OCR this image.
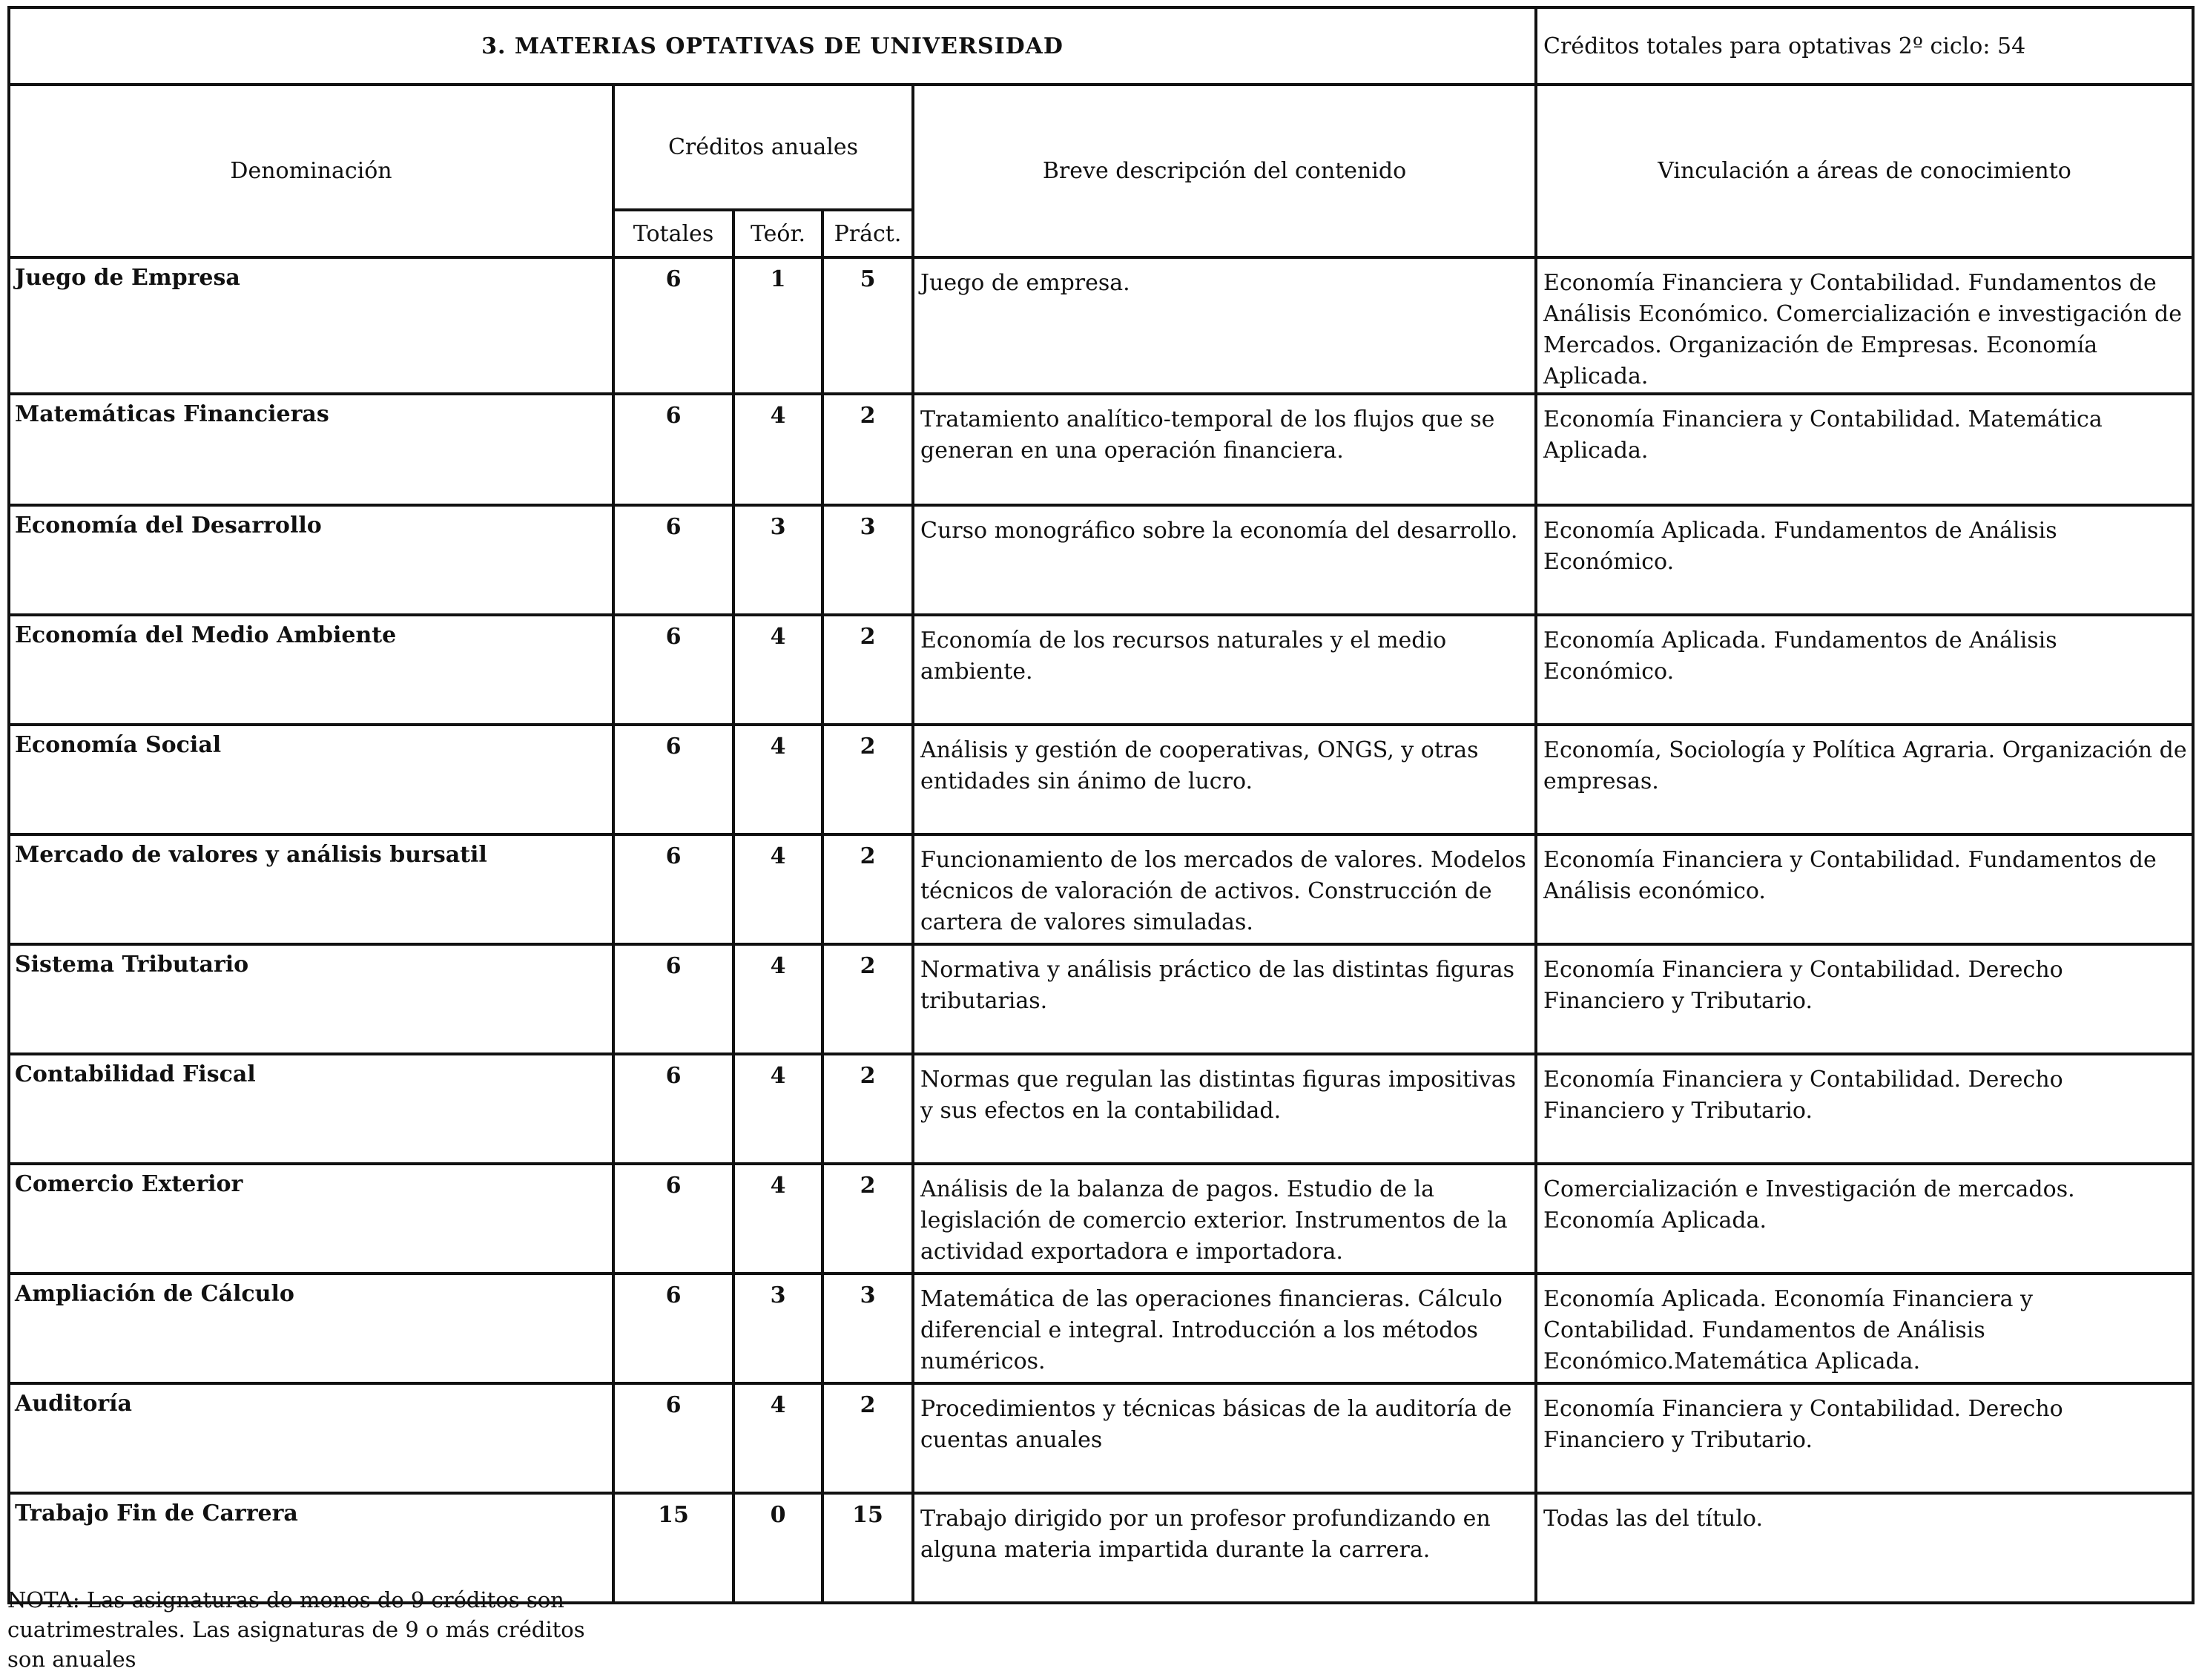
3. MATERIAS OPTATIVAS DE UNIVERSIDAD					Créditos totales para optativas 2º ciclo: 54
Denominación	Créditos anuales			Breve descripción del contenido	Vinculación a áreas de conocimiento
	Totales	Teór.	Práct.		
Juego de Empresa	6	1	5	Juego de empresa.	Economía Financiera y Contabilidad. Fundamentos de Análisis Económico. Comercialización e investigación de Mercados. Organización de Empresas. Economía Aplicada.
Matemáticas Financieras	6	4	2	Tratamiento analítico-temporal de los flujos que se generan en una operación financiera.	Economía Financiera y Contabilidad. Matemática Aplicada.
Economía del Desarrollo	6	3	3	Curso monográfico sobre la economía del desarrollo.	Economía Aplicada. Fundamentos de Análisis Económico.
Economía del Medio Ambiente	6	4	2	Economía de los recursos naturales y el medio ambiente.	Economía Aplicada. Fundamentos de Análisis Económico.
Economía Social	6	4	2	Análisis y gestión de cooperativas, ONGS, y otras entidades sin ánimo de lucro.	Economía, Sociología y Política Agraria. Organización de empresas.
Mercado de valores y análisis bursatil	6	4	2	Funcionamiento de los mercados de valores. Modelos técnicos de valoración de activos. Construcción de cartera de valores simuladas.	Economía Financiera y Contabilidad. Fundamentos de Análisis económico.
Sistema Tributario	6	4	2	Normativa y análisis práctico de las distintas figuras tributarias.	Economía Financiera y Contabilidad. Derecho Financiero y Tributario.
Contabilidad Fiscal	6	4	2	Normas que regulan las distintas figuras impositivas y sus efectos en la contabilidad.	Economía Financiera y Contabilidad. Derecho Financiero y Tributario.
Comercio Exterior	6	4	2	Análisis de la balanza de pagos. Estudio de la legislación de comercio exterior. Instrumentos de la actividad exportadora e importadora.	Comercialización e Investigación de mercados. Economía Aplicada.
Ampliación de Cálculo	6	3	3	Matemática de las operaciones financieras. Cálculo diferencial e integral. Introducción a los métodos numéricos.	Economía Aplicada. Economía Financiera y Contabilidad. Fundamentos de Análisis Económico.Matemática Aplicada.
Auditoría	6	4	2	Procedimientos y técnicas básicas de la auditoría de cuentas anuales	Economía Financiera y Contabilidad. Derecho Financiero y Tributario.
Trabajo Fin de Carrera	15	0	15	Trabajo dirigido por un profesor profundizando en alguna materia impartida durante la carrera.	Todas las del título.
NOTA: Las asignaturas de menos de 9 créditos son cuatrimestrales. Las asignaturas de 9 o más créditos son anuales
